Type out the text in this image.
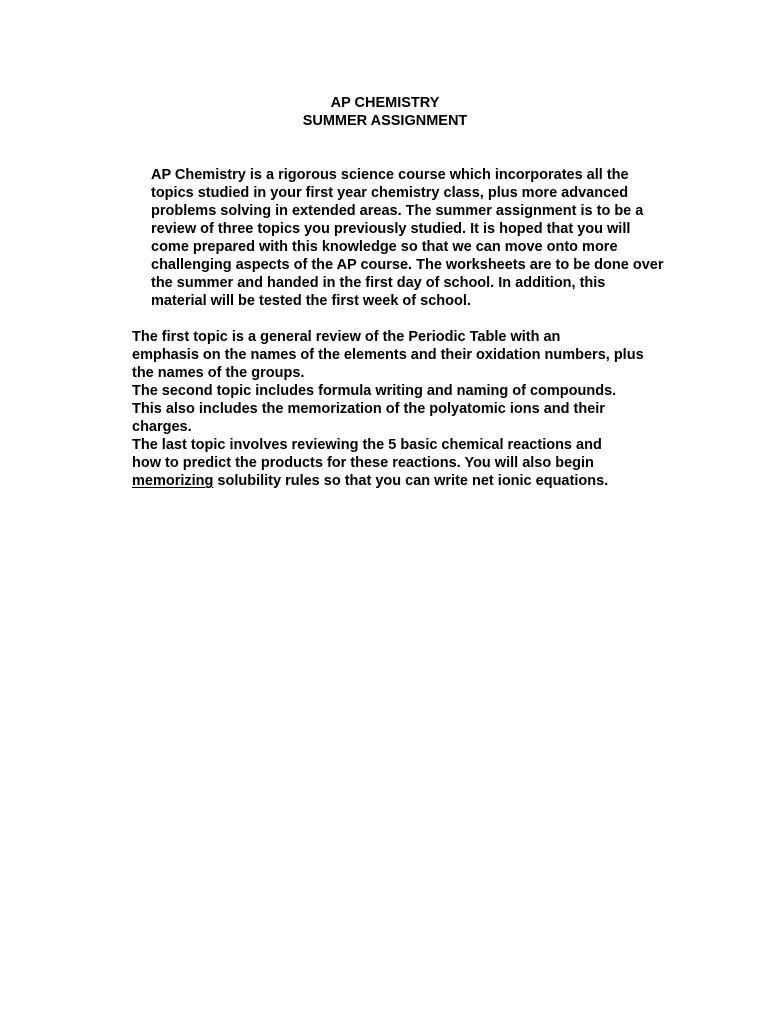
AP CHEMISTRY
SUMMER ASSIGNMENT
AP Chemistry is a rigorous science course which incorporates all the
topics studied in your first year chemistry class, plus more advanced
problems solving in extended areas. The summer assignment is to be a
review of three topics you previously studied. It is hoped that you will
come prepared with this knowledge so that we can move onto more
challenging aspects of the AP course. The worksheets are to be done over
the summer and handed in the first day of school. In addition, this
material will be tested the first week of school.
The first topic is a general review of the Periodic Table with an
emphasis on the names of the elements and their oxidation numbers, plus
the names of the groups.
The second topic includes formula writing and naming of compounds.
This also includes the memorization of the polyatomic ions and their
charges.
The last topic involves reviewing the 5 basic chemical reactions and
how to predict the products for these reactions. You will also begin
memorizing solubility rules so that you can write net ionic equations.
